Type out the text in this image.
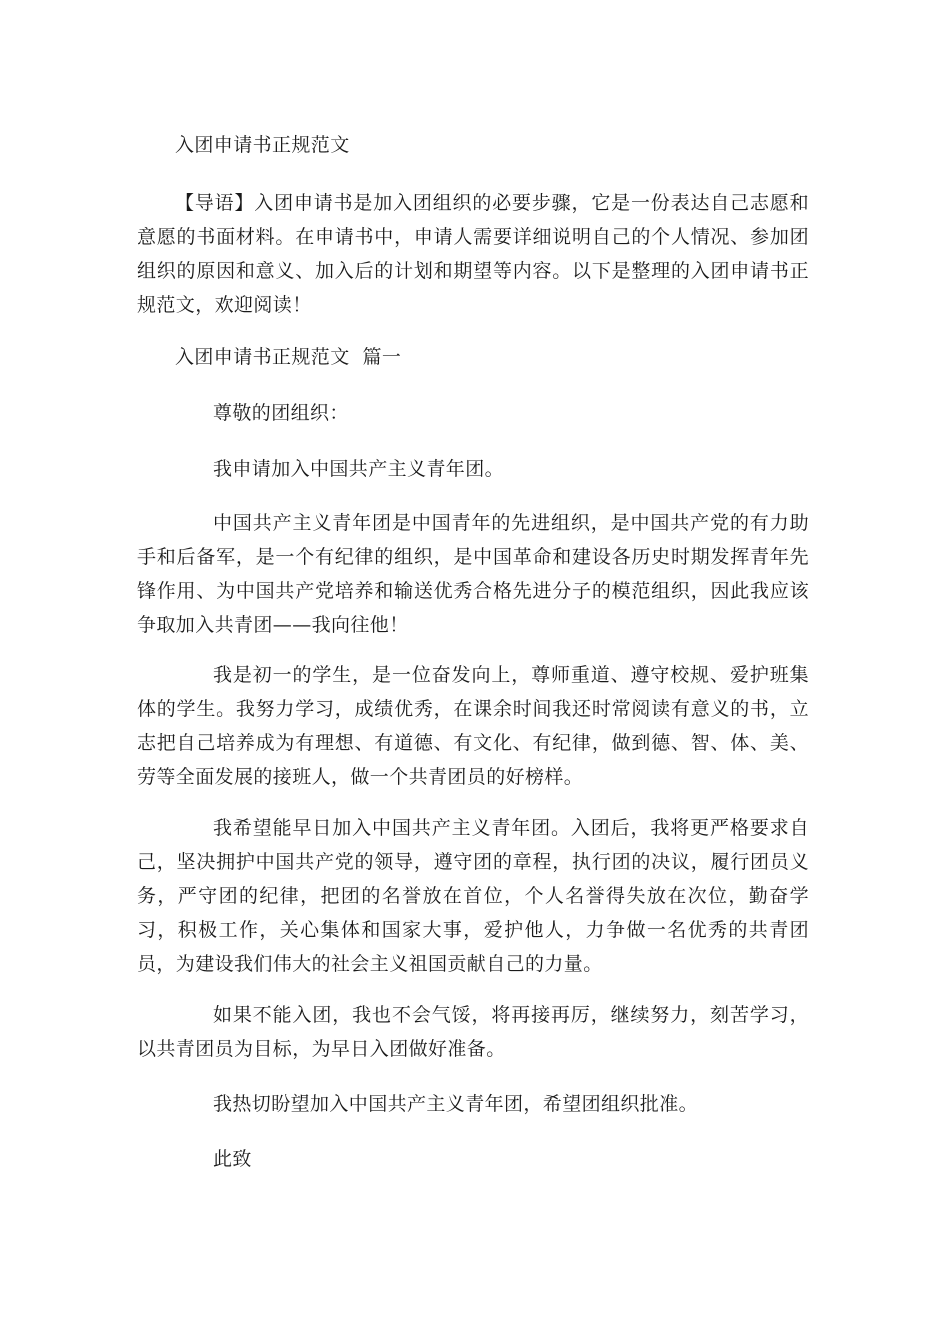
入团申请书正规范文

【导语】入团申请书是加入团组织的必要步骤，它是一份表达自己志愿和意愿的书面材料。在申请书中，申请人需要详细说明自己的个人情况、参加团组织的原因和意义、加入后的计划和期望等内容。以下是整理的入团申请书正规范文，欢迎阅读！

入团申请书正规范文  篇一

尊敬的团组织：

我申请加入中国共产主义青年团。

中国共产主义青年团是中国青年的先进组织，是中国共产党的有力助手和后备军，是一个有纪律的组织，是中国革命和建设各历史时期发挥青年先锋作用、为中国共产党培养和输送优秀合格先进分子的模范组织，因此我应该争取加入共青团——我向往他！

我是初一的学生，是一位奋发向上，尊师重道、遵守校规、爱护班集体的学生。我努力学习，成绩优秀，在课余时间我还时常阅读有意义的书，立志把自己培养成为有理想、有道德、有文化、有纪律，做到德、智、体、美、劳等全面发展的接班人，做一个共青团员的好榜样。

我希望能早日加入中国共产主义青年团。入团后，我将更严格要求自己，坚决拥护中国共产党的领导，遵守团的章程，执行团的决议，履行团员义务，严守团的纪律，把团的名誉放在首位，个人名誉得失放在次位，勤奋学习，积极工作，关心集体和国家大事，爱护他人，力争做一名优秀的共青团员，为建设我们伟大的社会主义祖国贡献自己的力量。

如果不能入团，我也不会气馁，将再接再厉，继续努力，刻苦学习，以共青团员为目标，为早日入团做好准备。

我热切盼望加入中国共产主义青年团，希望团组织批准。

此致
